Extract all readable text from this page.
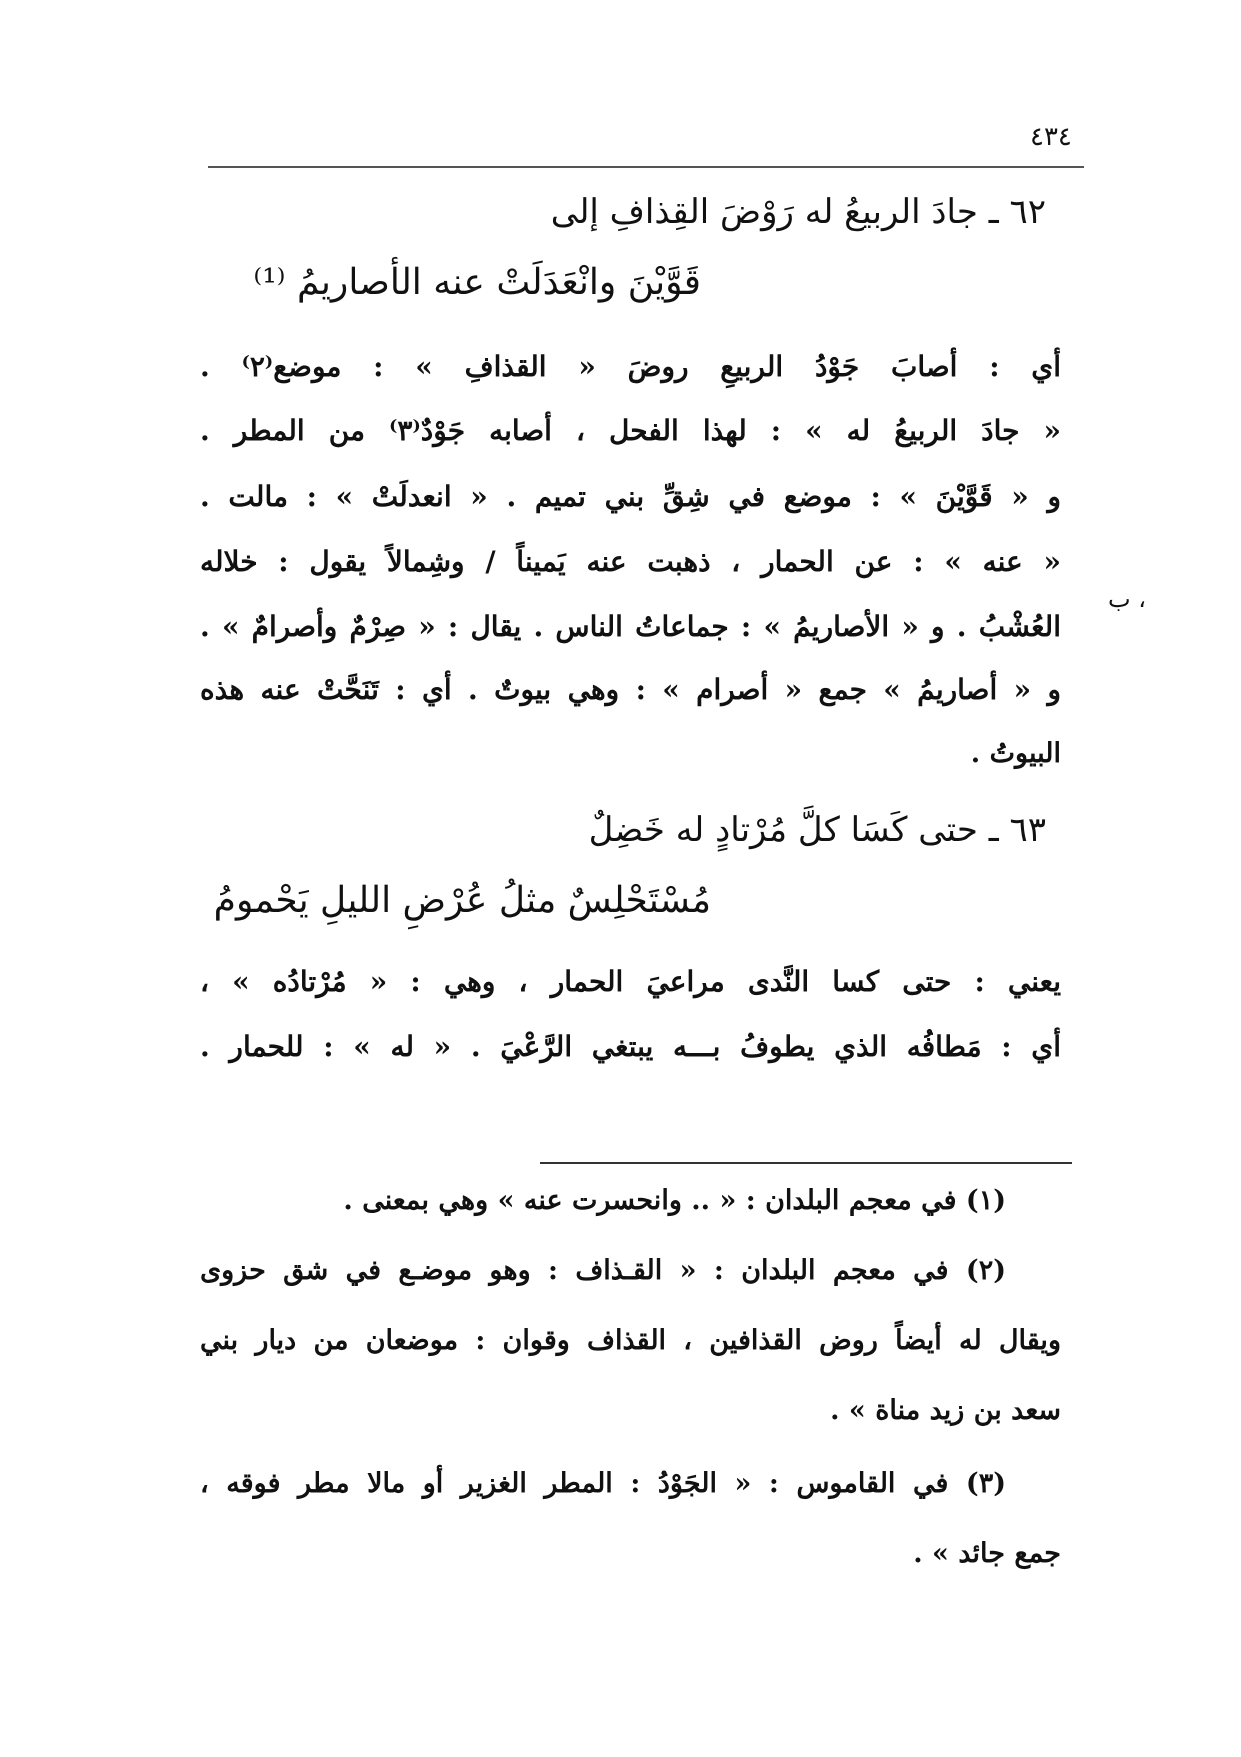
٤٣٤
، ب
٦٢ ـ جادَ الربيعُ له رَوْضَ القِذافِ إلى
قَوَّيْنَ وانْعَدَلَتْ عنه الأصاريمُ ⁽¹⁾
أي : أصابَ جَوْدُ الربيعِ روضَ « القذافِ » : موضع⁽٢⁾ .
« جادَ الربيعُ له » : لهذا الفحل ، أصابه جَوْدٌ⁽٣⁾ من المطر .
و « قَوَّيْنَ » : موضع في شِقِّ بني تميم . « انعدلَتْ » : مالت .
« عنه » : عن الحمار ، ذهبت عنه يَميناً / وشِمالاً يقول : خلاله
العُشْبُ . و « الأصاريمُ » : جماعاتُ الناس . يقال : « صِرْمٌ وأصرامٌ » .
و « أصاريمُ » جمع « أصرام » : وهي بيوتٌ . أي : تَنَحَّتْ عنه هذه
البيوتُ .
٦٣ ـ حتى كَسَا كلَّ مُرْتادٍ له خَضِلٌ
مُسْتَحْلِسٌ مثلُ عُرْضِ الليلِ يَحْمومُ
يعني : حتى كسا النَّدى مراعيَ الحمار ، وهي : « مُرْتادُه » ،
أي : مَطافُه الذي يطوفُ بـــه يبتغي الرَّعْيَ . « له » : للحمار .
(١) في معجم البلدان : « .. وانحسرت عنه » وهي بمعنى .
(٢) في معجم البلدان : « القـذاف : وهو موضـع في شق حزوى
ويقال له أيضاً روض القذافين ، القذاف وقوان : موضعان من ديار بني
سعد بن زيد مناة » .
(٣) في القاموس : « الجَوْدُ : المطر الغزير أو مالا مطر فوقه ،
جمع جائد » .
